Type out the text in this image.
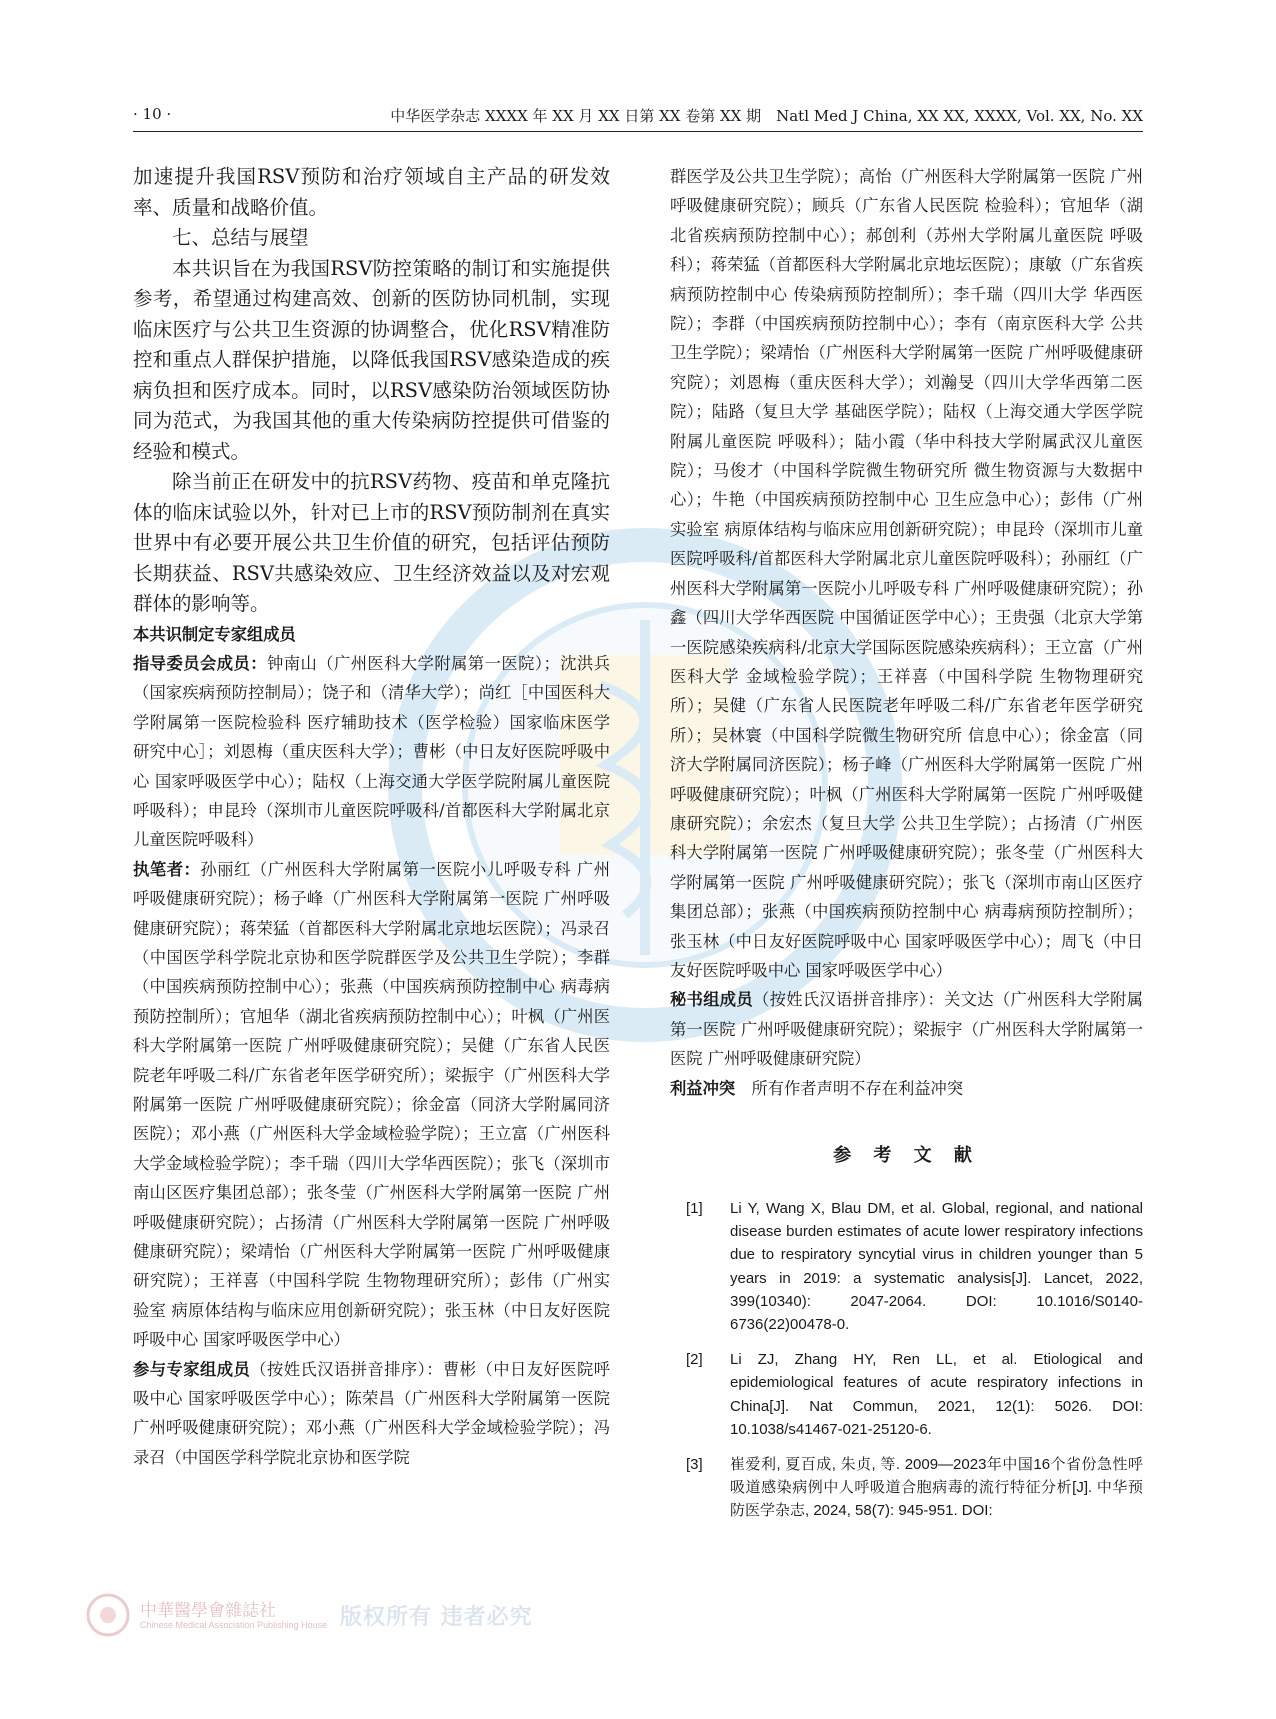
· 10 ·	中华医学杂志 XXXX 年 XX 月 XX 日第 XX 卷第 XX 期　Natl Med J China, XX XX, XXXX, Vol. XX, No. XX

加速提升我国RSV预防和治疗领域自主产品的研发效率、质量和战略价值。

七、总结与展望

本共识旨在为我国RSV防控策略的制订和实施提供参考，希望通过构建高效、创新的医防协同机制，实现临床医疗与公共卫生资源的协调整合，优化RSV精准防控和重点人群保护措施，以降低我国RSV感染造成的疾病负担和医疗成本。同时，以RSV感染防治领域医防协同为范式，为我国其他的重大传染病防控提供可借鉴的经验和模式。

除当前正在研发中的抗RSV药物、疫苗和单克隆抗体的临床试验以外，针对已上市的RSV预防制剂在真实世界中有必要开展公共卫生价值的研究，包括评估预防长期获益、RSV共感染效应、卫生经济效益以及对宏观群体的影响等。

本共识制定专家组成员

指导委员会成员：钟南山（广州医科大学附属第一医院）；沈洪兵（国家疾病预防控制局）；饶子和（清华大学）；尚红［中国医科大学附属第一医院检验科 医疗辅助技术（医学检验）国家临床医学研究中心］；刘恩梅（重庆医科大学）；曹彬（中日友好医院呼吸中心 国家呼吸医学中心）；陆权（上海交通大学医学院附属儿童医院 呼吸科）；申昆玲（深圳市儿童医院呼吸科/首都医科大学附属北京儿童医院呼吸科）

执笔者：孙丽红（广州医科大学附属第一医院小儿呼吸专科 广州呼吸健康研究院）；杨子峰（广州医科大学附属第一医院 广州呼吸健康研究院）；蒋荣猛（首都医科大学附属北京地坛医院）；冯录召（中国医学科学院北京协和医学院群医学及公共卫生学院）；李群（中国疾病预防控制中心）；张燕（中国疾病预防控制中心 病毒病预防控制所）；官旭华（湖北省疾病预防控制中心）；叶枫（广州医科大学附属第一医院 广州呼吸健康研究院）；吴健（广东省人民医院老年呼吸二科/广东省老年医学研究所）；梁振宇（广州医科大学附属第一医院 广州呼吸健康研究院）；徐金富（同济大学附属同济医院）；邓小燕（广州医科大学金域检验学院）；王立富（广州医科大学金域检验学院）；李千瑞（四川大学华西医院）；张飞（深圳市南山区医疗集团总部）；张冬莹（广州医科大学附属第一医院 广州呼吸健康研究院）；占扬清（广州医科大学附属第一医院 广州呼吸健康研究院）；梁靖怡（广州医科大学附属第一医院 广州呼吸健康研究院）；王祥喜（中国科学院 生物物理研究所）；彭伟（广州实验室 病原体结构与临床应用创新研究院）；张玉林（中日友好医院呼吸中心 国家呼吸医学中心）

参与专家组成员（按姓氏汉语拼音排序）：曹彬（中日友好医院呼吸中心 国家呼吸医学中心）；陈荣昌（广州医科大学附属第一医院 广州呼吸健康研究院）；邓小燕（广州医科大学金域检验学院）；冯录召（中国医学科学院北京协和医学院

群医学及公共卫生学院）；高怡（广州医科大学附属第一医院 广州呼吸健康研究院）；顾兵（广东省人民医院 检验科）；官旭华（湖北省疾病预防控制中心）；郝创利（苏州大学附属儿童医院 呼吸科）；蒋荣猛（首都医科大学附属北京地坛医院）；康敏（广东省疾病预防控制中心 传染病预防控制所）；李千瑞（四川大学 华西医院）；李群（中国疾病预防控制中心）；李有（南京医科大学 公共卫生学院）；梁靖怡（广州医科大学附属第一医院 广州呼吸健康研究院）；刘恩梅（重庆医科大学）；刘瀚旻（四川大学华西第二医院）；陆路（复旦大学 基础医学院）；陆权（上海交通大学医学院附属儿童医院 呼吸科）；陆小霞（华中科技大学附属武汉儿童医院）；马俊才（中国科学院微生物研究所 微生物资源与大数据中心）；牛艳（中国疾病预防控制中心 卫生应急中心）；彭伟（广州实验室 病原体结构与临床应用创新研究院）；申昆玲（深圳市儿童医院呼吸科/首都医科大学附属北京儿童医院呼吸科）；孙丽红（广州医科大学附属第一医院小儿呼吸专科 广州呼吸健康研究院）；孙鑫（四川大学华西医院 中国循证医学中心）；王贵强（北京大学第一医院感染疾病科/北京大学国际医院感染疾病科）；王立富（广州医科大学 金域检验学院）；王祥喜（中国科学院 生物物理研究所）；吴健（广东省人民医院老年呼吸二科/广东省老年医学研究所）；吴林寰（中国科学院微生物研究所 信息中心）；徐金富（同济大学附属同济医院）；杨子峰（广州医科大学附属第一医院 广州呼吸健康研究院）；叶枫（广州医科大学附属第一医院 广州呼吸健康研究院）；余宏杰（复旦大学 公共卫生学院）；占扬清（广州医科大学附属第一医院 广州呼吸健康研究院）；张冬莹（广州医科大学附属第一医院 广州呼吸健康研究院）；张飞（深圳市南山区医疗集团总部）；张燕（中国疾病预防控制中心 病毒病预防控制所）；张玉林（中日友好医院呼吸中心 国家呼吸医学中心）；周飞（中日友好医院呼吸中心 国家呼吸医学中心）

秘书组成员（按姓氏汉语拼音排序）：关文达（广州医科大学附属第一医院 广州呼吸健康研究院）；梁振宇（广州医科大学附属第一医院 广州呼吸健康研究院）

利益冲突　 所有作者声明不存在利益冲突

参 考 文 献
[1] Li Y, Wang X, Blau DM, et al. Global, regional, and national disease burden estimates of acute lower respiratory infections due to respiratory syncytial virus in children younger than 5 years in 2019: a systematic analysis[J]. Lancet, 2022, 399(10340): 2047-2064. DOI: 10.1016/S0140-6736(22)00478-0.
[2] Li ZJ, Zhang HY, Ren LL, et al. Etiological and epidemiological features of acute respiratory infections in China[J]. Nat Commun, 2021, 12(1): 5026. DOI: 10.1038/s41467-021-25120-6.
[3] 崔爱利, 夏百成, 朱贞, 等. 2009—2023年中国16个省份急性呼吸道感染病例中人呼吸道合胞病毒的流行特征分析[J]. 中华预防医学杂志, 2024, 58(7): 945-951. DOI:
中華醫學會雜誌社
Chinese Medical Association Publishing House 版权所有 违者必究
